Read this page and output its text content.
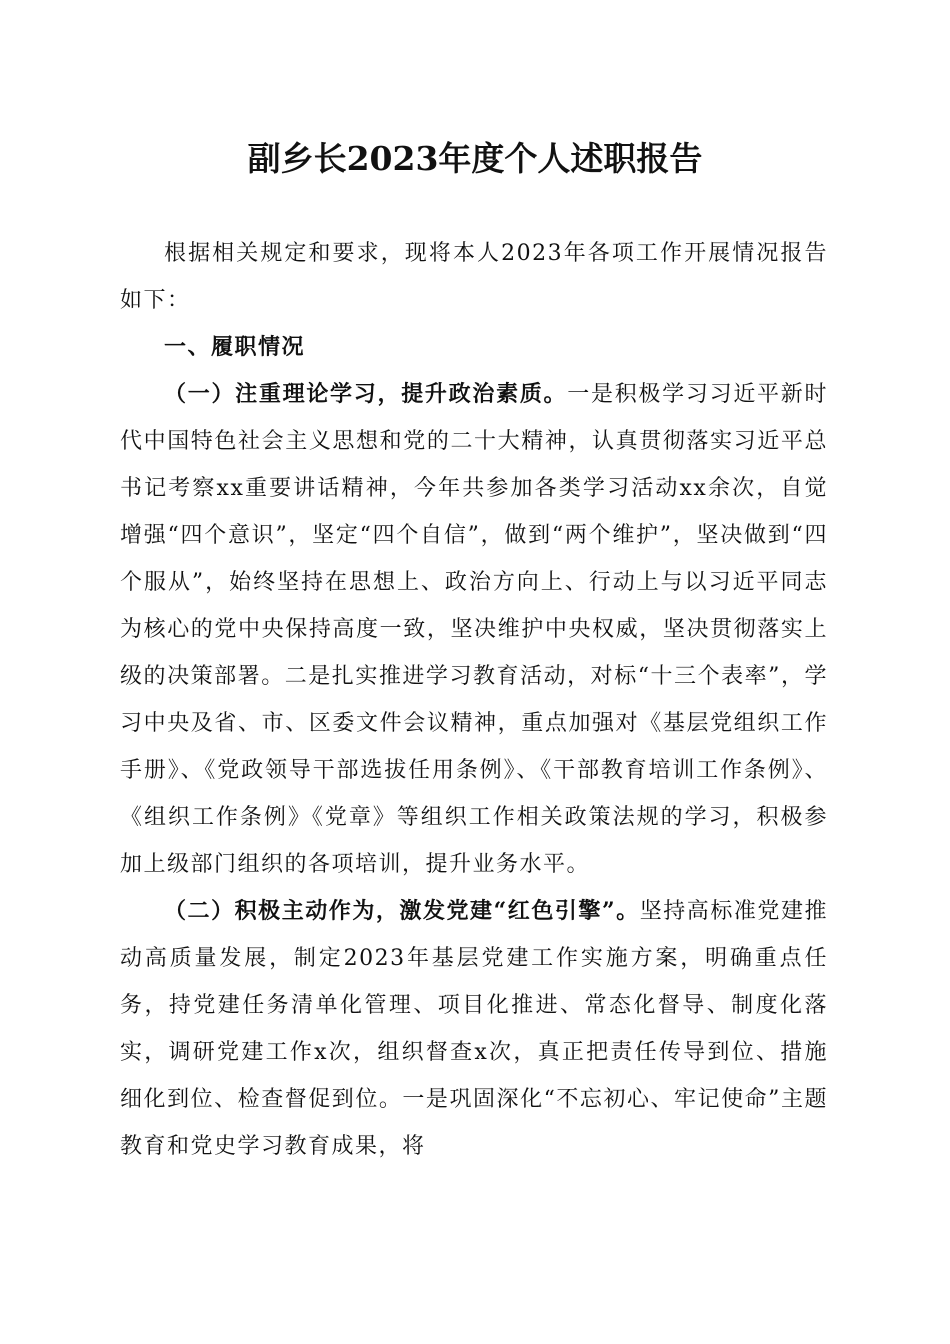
副乡长2023年度个人述职报告

根据相关规定和要求，现将本人2023年各项工作开展情况报告如下：

一、履职情况

（一）注重理论学习，提升政治素质。一是积极学习习近平新时代中国特色社会主义思想和党的二十大精神，认真贯彻落实习近平总书记考察xx重要讲话精神，今年共参加各类学习活动xx余次，自觉增强“四个意识”，坚定“四个自信”，做到“两个维护”，坚决做到“四个服从”，始终坚持在思想上、政治方向上、行动上与以习近平同志为核心的党中央保持高度一致，坚决维护中央权威，坚决贯彻落实上级的决策部署。二是扎实推进学习教育活动，对标“十三个表率”，学习中央及省、市、区委文件会议精神，重点加强对《基层党组织工作手册》、《党政领导干部选拔任用条例》、《干部教育培训工作条例》、《组织工作条例》《党章》等组织工作相关政策法规的学习，积极参加上级部门组织的各项培训，提升业务水平。

（二）积极主动作为，激发党建“红色引擎”。坚持高标准党建推动高质量发展，制定2023年基层党建工作实施方案，明确重点任务，持党建任务清单化管理、项目化推进、常态化督导、制度化落实，调研党建工作x次，组织督查x次，真正把责任传导到位、措施细化到位、检查督促到位。一是巩固深化“不忘初心、牢记使命”主题教育和党史学习教育成果，将
